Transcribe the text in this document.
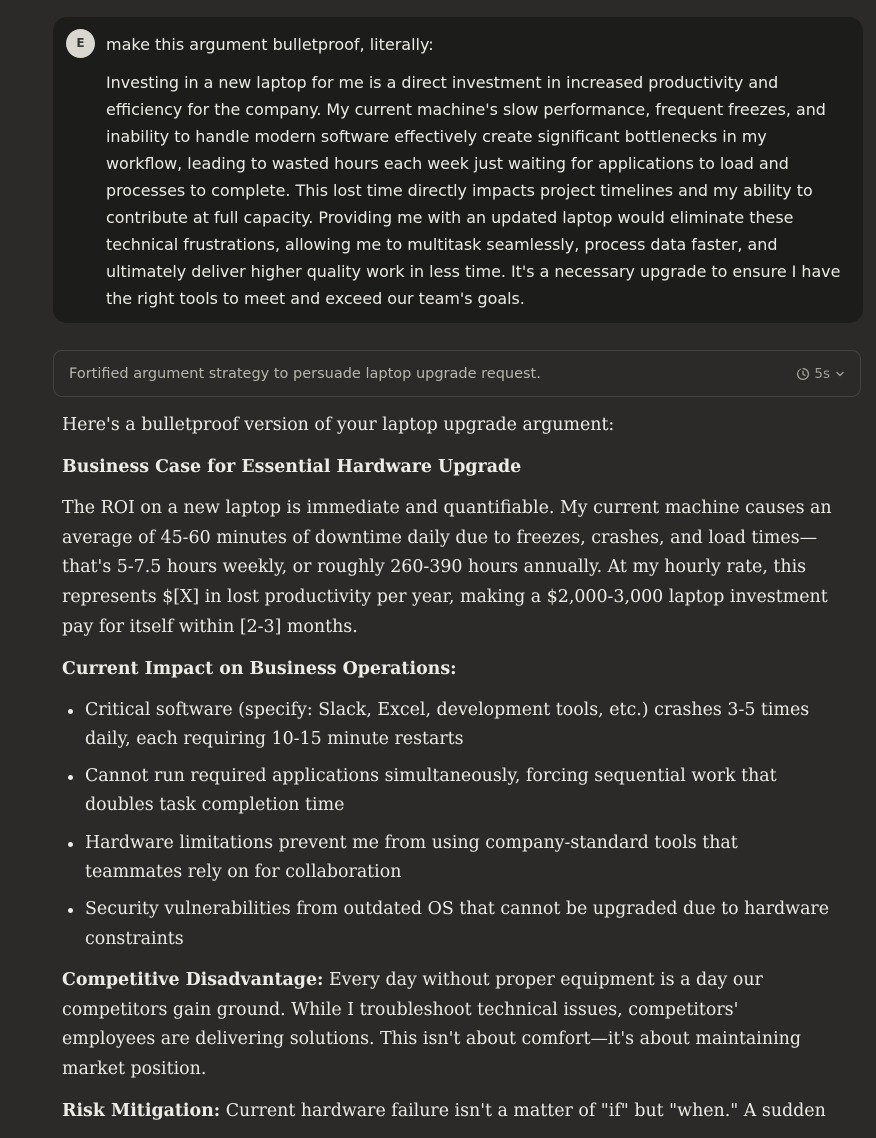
E	make this argument bulletproof, literally:
Investing in a new laptop for me is a direct investment in increased productivity and efficiency for the company. My current machine's slow performance, frequent freezes, and inability to handle modern software effectively create significant bottlenecks in my workflow, leading to wasted hours each week just waiting for applications to load and processes to complete. This lost time directly impacts project timelines and my ability to contribute at full capacity. Providing me with an updated laptop would eliminate these technical frustrations, allowing me to multitask seamlessly, process data faster, and ultimately deliver higher quality work in less time. It's a necessary upgrade to ensure I have the right tools to meet and exceed our team's goals.
Fortified argument strategy to persuade laptop upgrade request.	5s

Here's a bulletproof version of your laptop upgrade argument:

Business Case for Essential Hardware Upgrade

The ROI on a new laptop is immediate and quantifiable. My current machine causes an average of 45-60 minutes of downtime daily due to freezes, crashes, and load times—that's 5-7.5 hours weekly, or roughly 260-390 hours annually. At my hourly rate, this represents $[X] in lost productivity per year, making a $2,000-3,000 laptop investment pay for itself within [2-3] months.

Current Impact on Business Operations:

Critical software (specify: Slack, Excel, development tools, etc.) crashes 3-5 times daily, each requiring 10-15 minute restarts
Cannot run required applications simultaneously, forcing sequential work that doubles task completion time
Hardware limitations prevent me from using company-standard tools that teammates rely on for collaboration
Security vulnerabilities from outdated OS that cannot be upgraded due to hardware constraints

Competitive Disadvantage: Every day without proper equipment is a day our competitors gain ground. While I troubleshoot technical issues, competitors' employees are delivering solutions. This isn't about comfort—it's about maintaining market position.

Risk Mitigation: Current hardware failure isn't a matter of "if" but "when." A sudden
